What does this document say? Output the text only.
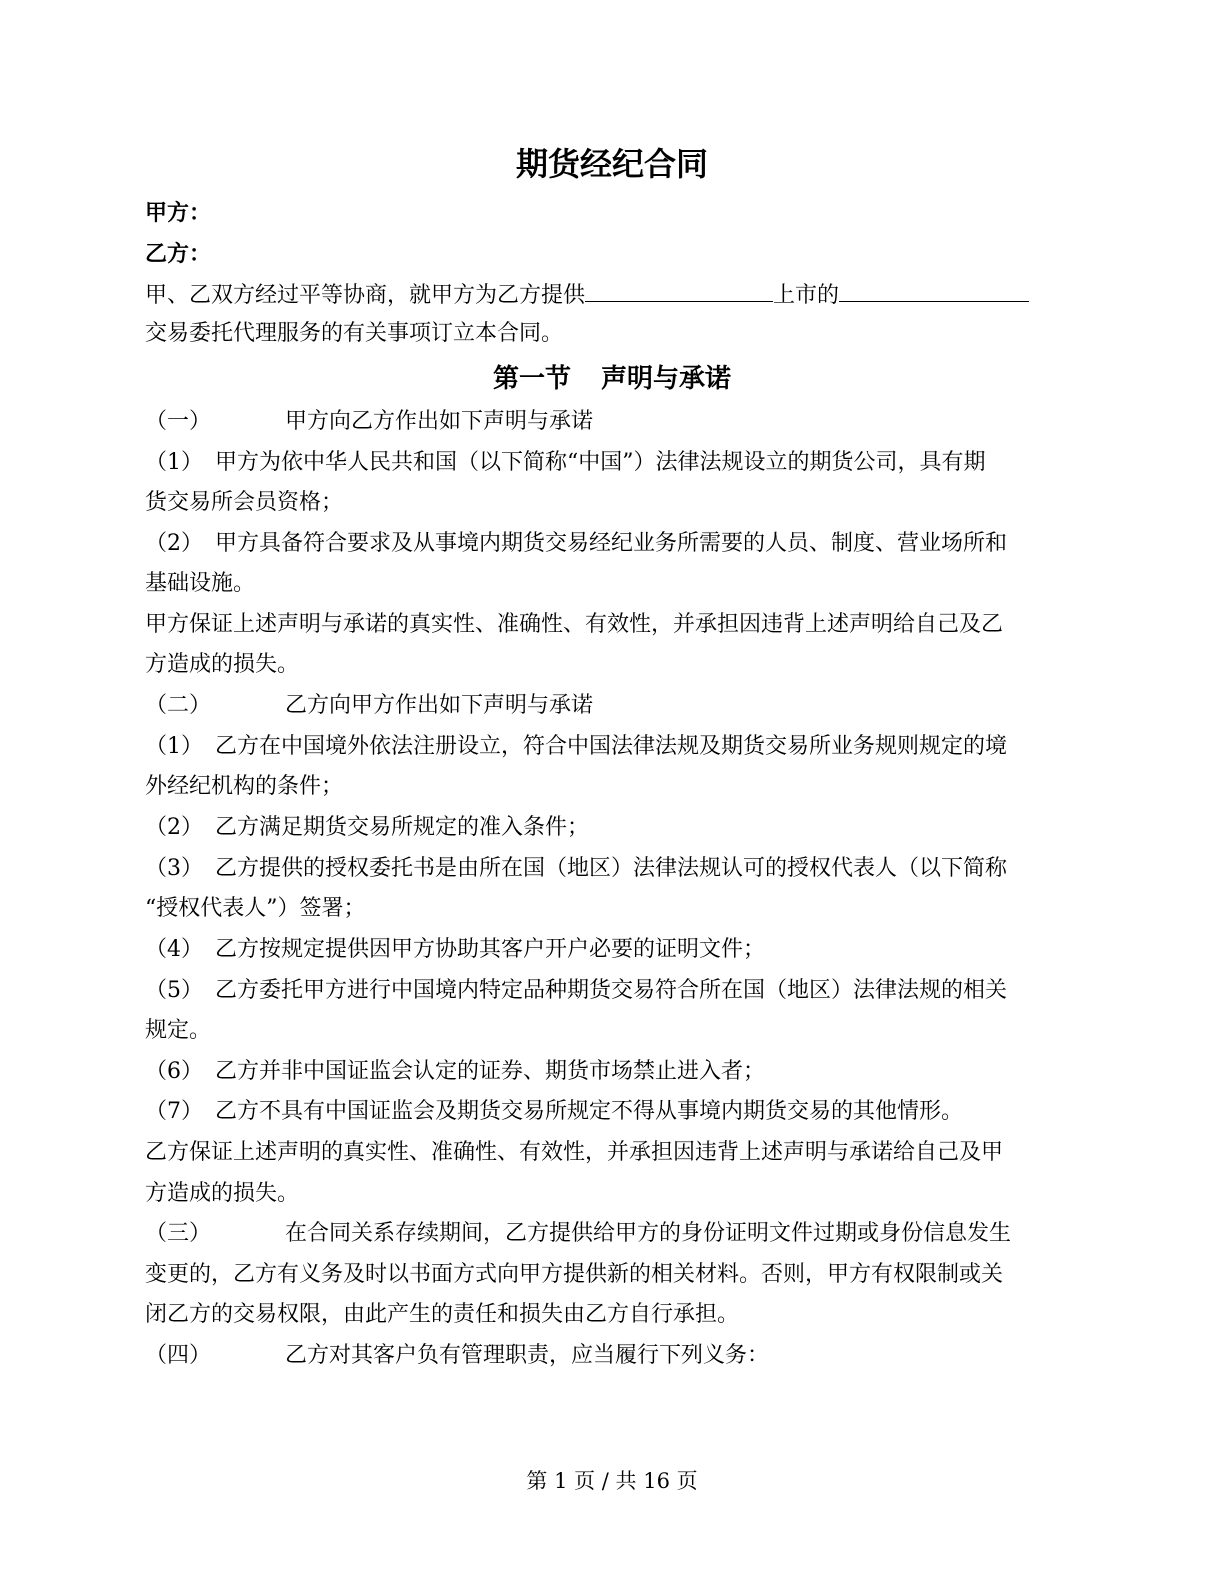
期货经纪合同
甲方：
乙方：
甲、乙双方经过平等协商，就甲方为乙方提供	上市的
交易委托代理服务的有关事项订立本合同。
第一节 声明与承诺
（一）	甲方向乙方作出如下声明与承诺
（1） 甲方为依中华人民共和国（以下简称“中国”）法律法规设立的期货公司，具有期
货交易所会员资格；
（2） 甲方具备符合要求及从事境内期货交易经纪业务所需要的人员、制度、营业场所和
基础设施。
甲方保证上述声明与承诺的真实性、准确性、有效性，并承担因违背上述声明给自己及乙
方造成的损失。
（二）	乙方向甲方作出如下声明与承诺
（1） 乙方在中国境外依法注册设立，符合中国法律法规及期货交易所业务规则规定的境
外经纪机构的条件；
（2） 乙方满足期货交易所规定的准入条件；
（3） 乙方提供的授权委托书是由所在国（地区）法律法规认可的授权代表人（以下简称
“授权代表人”）签署；
（4） 乙方按规定提供因甲方协助其客户开户必要的证明文件；
（5） 乙方委托甲方进行中国境内特定品种期货交易符合所在国（地区）法律法规的相关
规定。
（6） 乙方并非中国证监会认定的证券、期货市场禁止进入者；
（7） 乙方不具有中国证监会及期货交易所规定不得从事境内期货交易的其他情形。
乙方保证上述声明的真实性、准确性、有效性，并承担因违背上述声明与承诺给自己及甲
方造成的损失。
（三）	在合同关系存续期间，乙方提供给甲方的身份证明文件过期或身份信息发生
变更的，乙方有义务及时以书面方式向甲方提供新的相关材料。否则，甲方有权限制或关
闭乙方的交易权限，由此产生的责任和损失由乙方自行承担。
（四）	乙方对其客户负有管理职责，应当履行下列义务：
第 1 页 / 共 16 页
